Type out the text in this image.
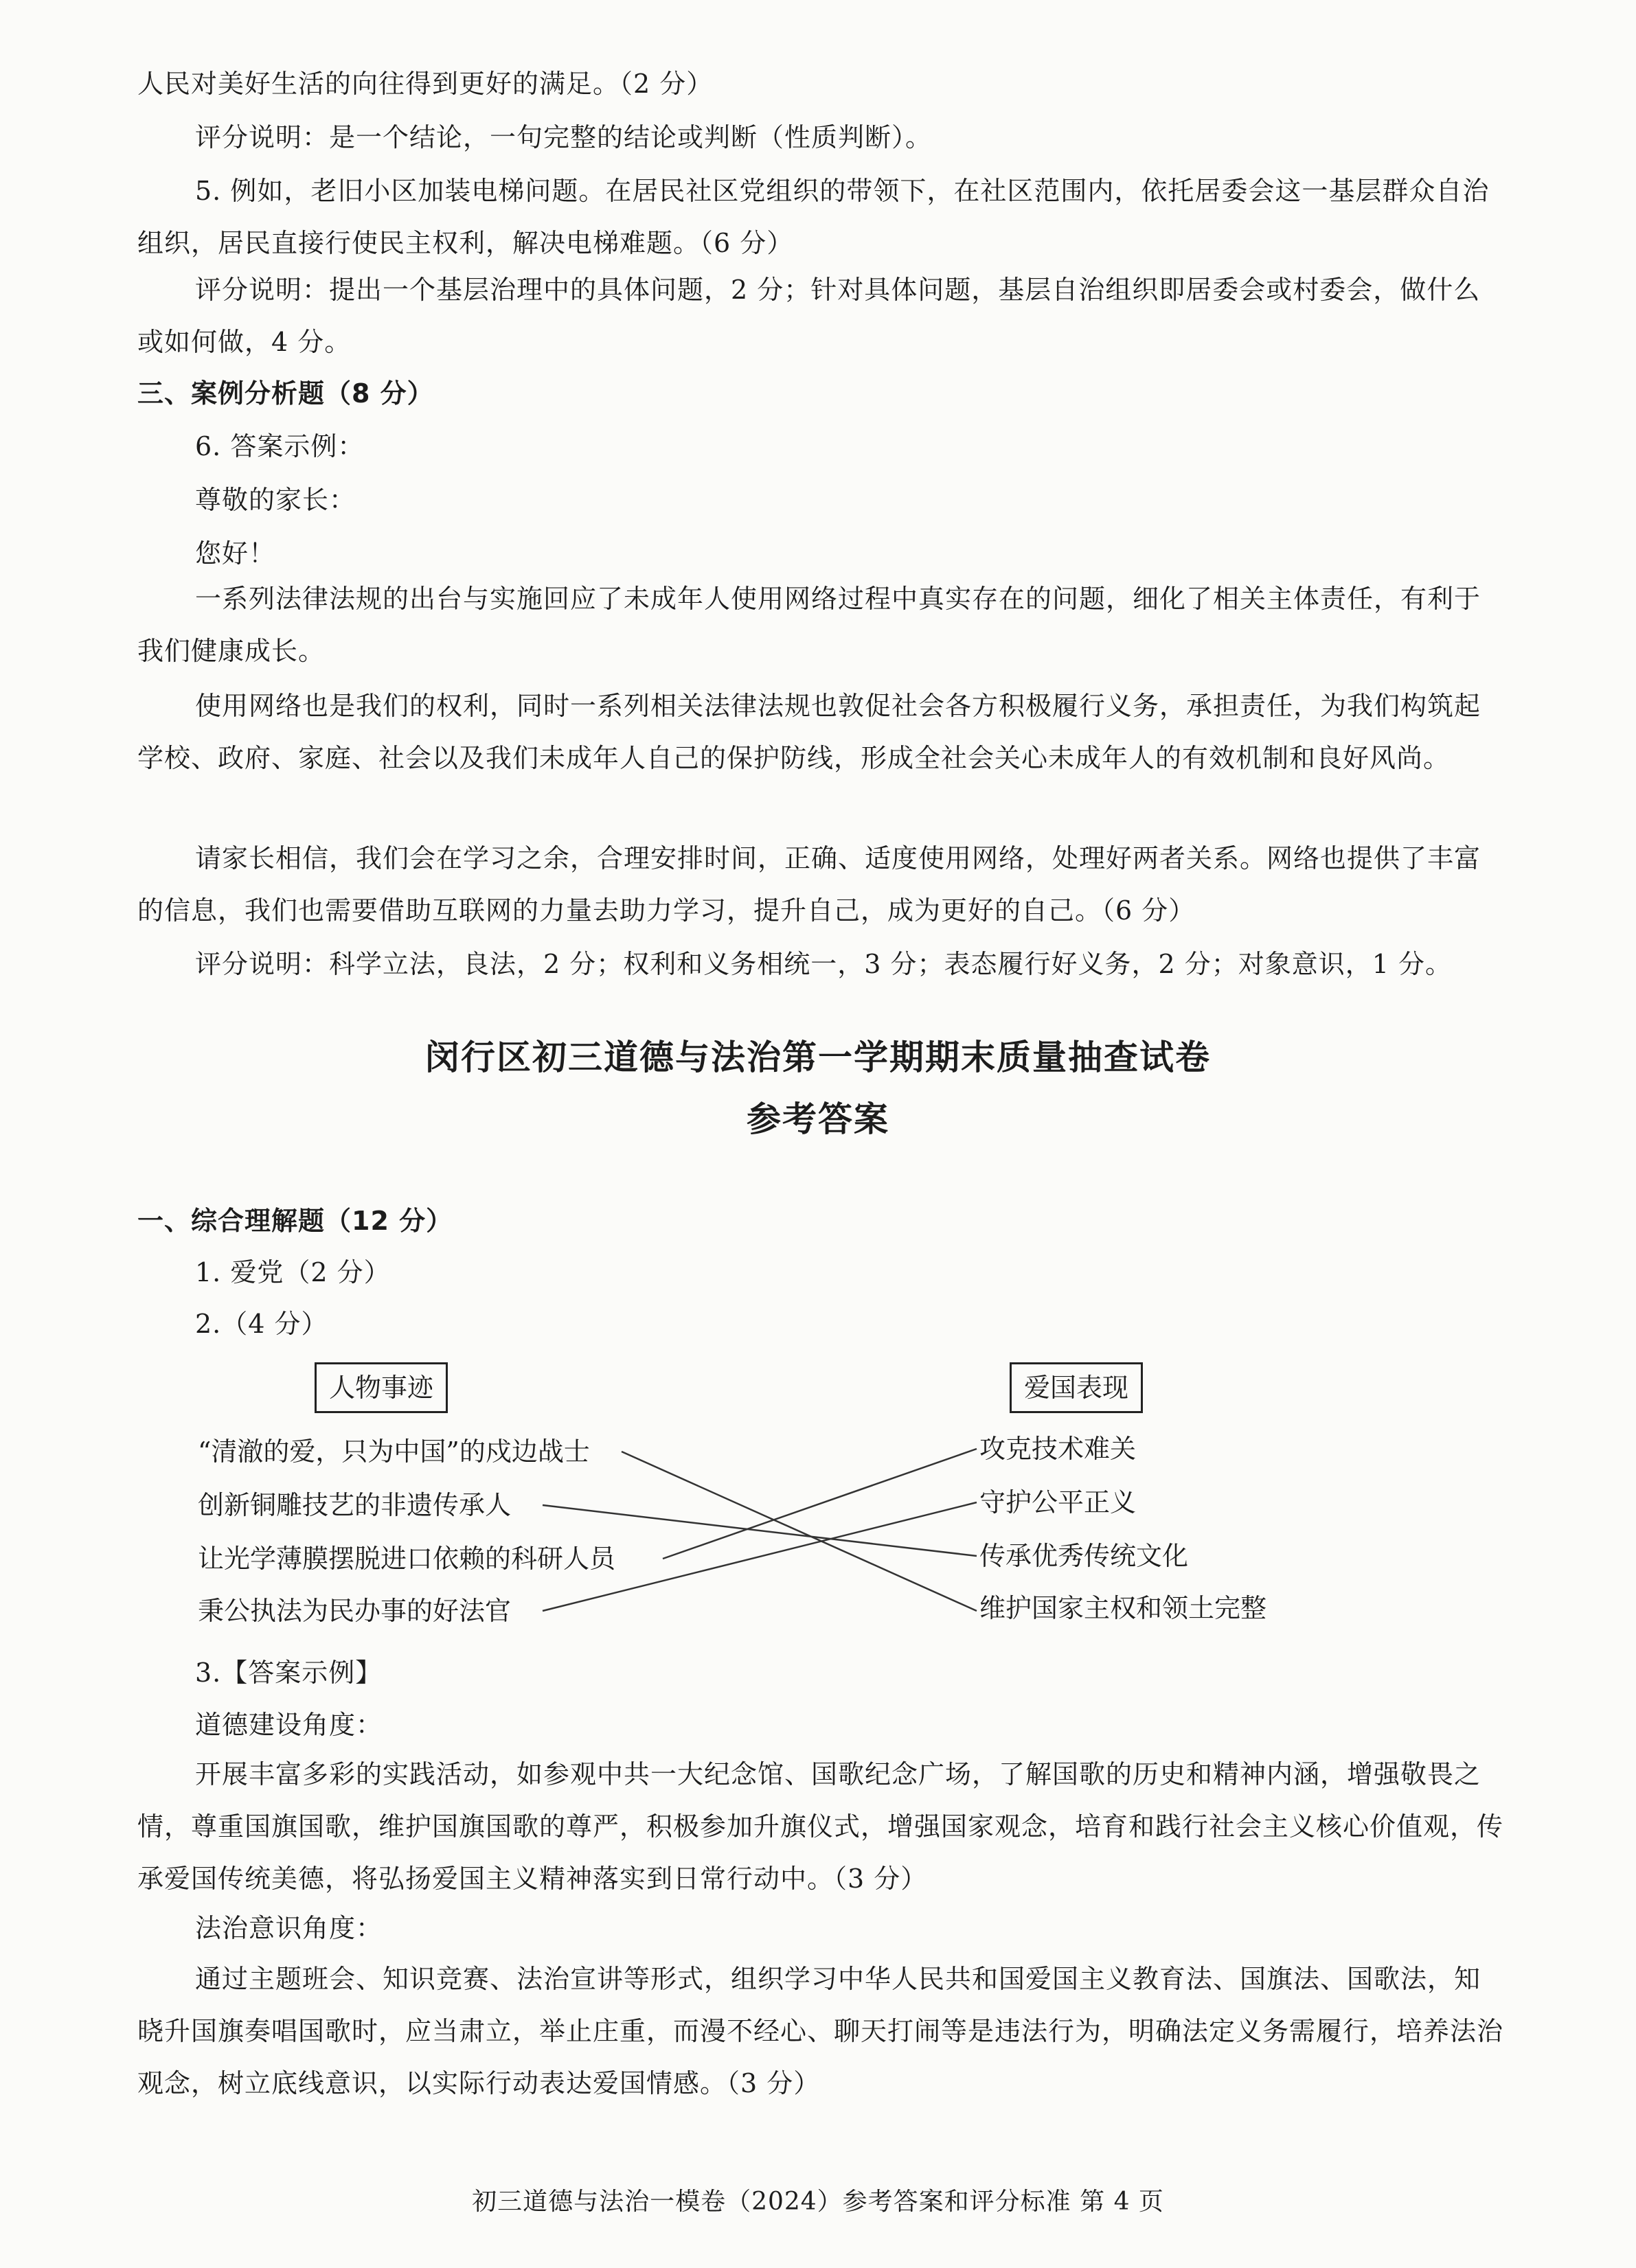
人民对美好生活的向往得到更好的满足。（2 分）

评分说明：是一个结论，一句完整的结论或判断（性质判断）。

5. 例如，老旧小区加装电梯问题。在居民社区党组织的带领下，在社区范围内，依托居委会这一基层群众自治组织，居民直接行使民主权利，解决电梯难题。（6 分）

评分说明：提出一个基层治理中的具体问题，2 分；针对具体问题，基层自治组织即居委会或村委会，做什么或如何做，4 分。

三、案例分析题（8 分）

6. 答案示例：

尊敬的家长：

您好！

一系列法律法规的出台与实施回应了未成年人使用网络过程中真实存在的问题，细化了相关主体责任，有利于我们健康成长。

使用网络也是我们的权利，同时一系列相关法律法规也敦促社会各方积极履行义务，承担责任，为我们构筑起学校、政府、家庭、社会以及我们未成年人自己的保护防线，形成全社会关心未成年人的有效机制和良好风尚。

请家长相信，我们会在学习之余，合理安排时间，正确、适度使用网络，处理好两者关系。网络也提供了丰富的信息，我们也需要借助互联网的力量去助力学习，提升自己，成为更好的自己。（6 分）

评分说明：科学立法，良法，2 分；权利和义务相统一，3 分；表态履行好义务，2 分；对象意识，1 分。

闵行区初三道德与法治第一学期期末质量抽查试卷
参考答案

一、综合理解题（12 分）

1. 爱党（2 分）

2.（4 分）

人物事迹	爱国表现
“清澈的爱，只为中国”的戍边战士
创新铜雕技艺的非遗传承人
让光学薄膜摆脱进口依赖的科研人员
秉公执法为民办事的好法官
攻克技术难关
守护公平正义
传承优秀传统文化
维护国家主权和领土完整

3.【答案示例】

道德建设角度：

开展丰富多彩的实践活动，如参观中共一大纪念馆、国歌纪念广场，了解国歌的历史和精神内涵，增强敬畏之情，尊重国旗国歌，维护国旗国歌的尊严，积极参加升旗仪式，增强国家观念，培育和践行社会主义核心价值观，传承爱国传统美德，将弘扬爱国主义精神落实到日常行动中。（3 分）

法治意识角度：

通过主题班会、知识竞赛、法治宣讲等形式，组织学习中华人民共和国爱国主义教育法、国旗法、国歌法，知晓升国旗奏唱国歌时，应当肃立，举止庄重，而漫不经心、聊天打闹等是违法行为，明确法定义务需履行，培养法治观念，树立底线意识，以实际行动表达爱国情感。（3 分）

初三道德与法治一模卷（2024）参考答案和评分标准 第 4 页
